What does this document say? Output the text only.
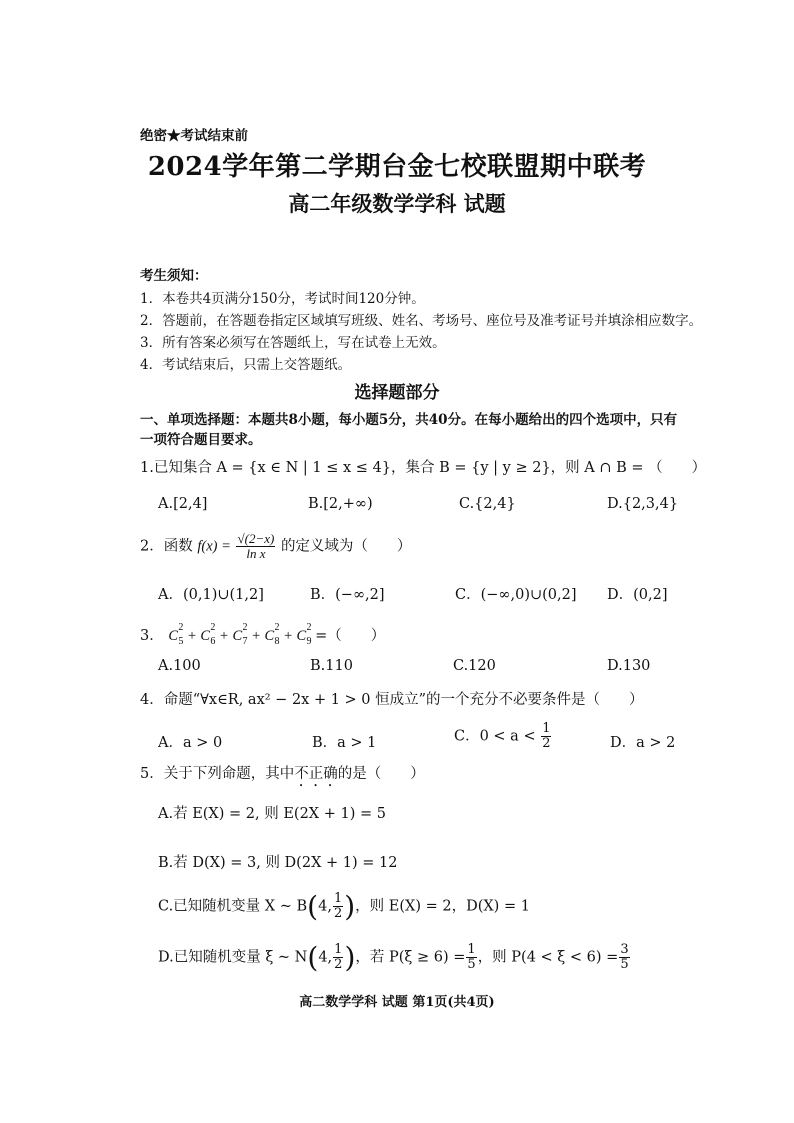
绝密★考试结束前
2024学年第二学期台金七校联盟期中联考
高二年级数学学科 试题
考生须知：
1．本卷共4页满分150分，考试时间120分钟。
2．答题前，在答题卷指定区域填写班级、姓名、考场号、座位号及准考证号并填涂相应数字。
3．所有答案必须写在答题纸上，写在试卷上无效。
4．考试结束后，只需上交答题纸。
选择题部分
一、单项选择题：本题共8小题，每小题5分，共40分。在每小题给出的四个选项中，只有一项符合题目要求。
1.已知集合 A = {x ∈ N | 1 ≤ x ≤ 4}，集合 B = {y | y ≥ 2}，则 A ∩ B = （　　）
A.[2,4]	B.[2,+∞)	C.{2,4}	D.{2,3,4}
2．函数 $f(x) = \frac{√(2-x)}{\text{ln x}}$ 的定义域为（　　）
A．(0,1)∪(1,2]	B．(−∞,2]	C．(−∞,0)∪(0,2] D．(0,2]
3． C
2
5 + C
2
6 + C
2
7 + C
2
8 + C
2
9 =（　　）
A.100	B.110	C.120	D.130
4．命题“∀x∈R, ax² − 2x + 1 > 0 恒成立”的一个充分不必要条件是（　　）
A．a > 0	B．a > 1	C．$0 < a < \frac{1}{2}$	D．a > 2
5．关于下列命题，其中不正确的是（　　）
A.若 E(X) = 2, 则 E(2X + 1) = 5
B.若 D(X) = 3, 则 D(2X + 1) = 12
C.已知随机变量 X ~ B(4, $\frac{1}{2}$ )，则 E(X) = 2，D(X) = 1
D.已知随机变量 ξ ~ N(4, $\frac{1}{2}$ )，若 $P(\xi \ge 6) = \frac{1}{5}$ ，则 $P(4 < \xi < 6) = \frac{3}{5}$
高二数学学科 试题 第1页(共4页)
